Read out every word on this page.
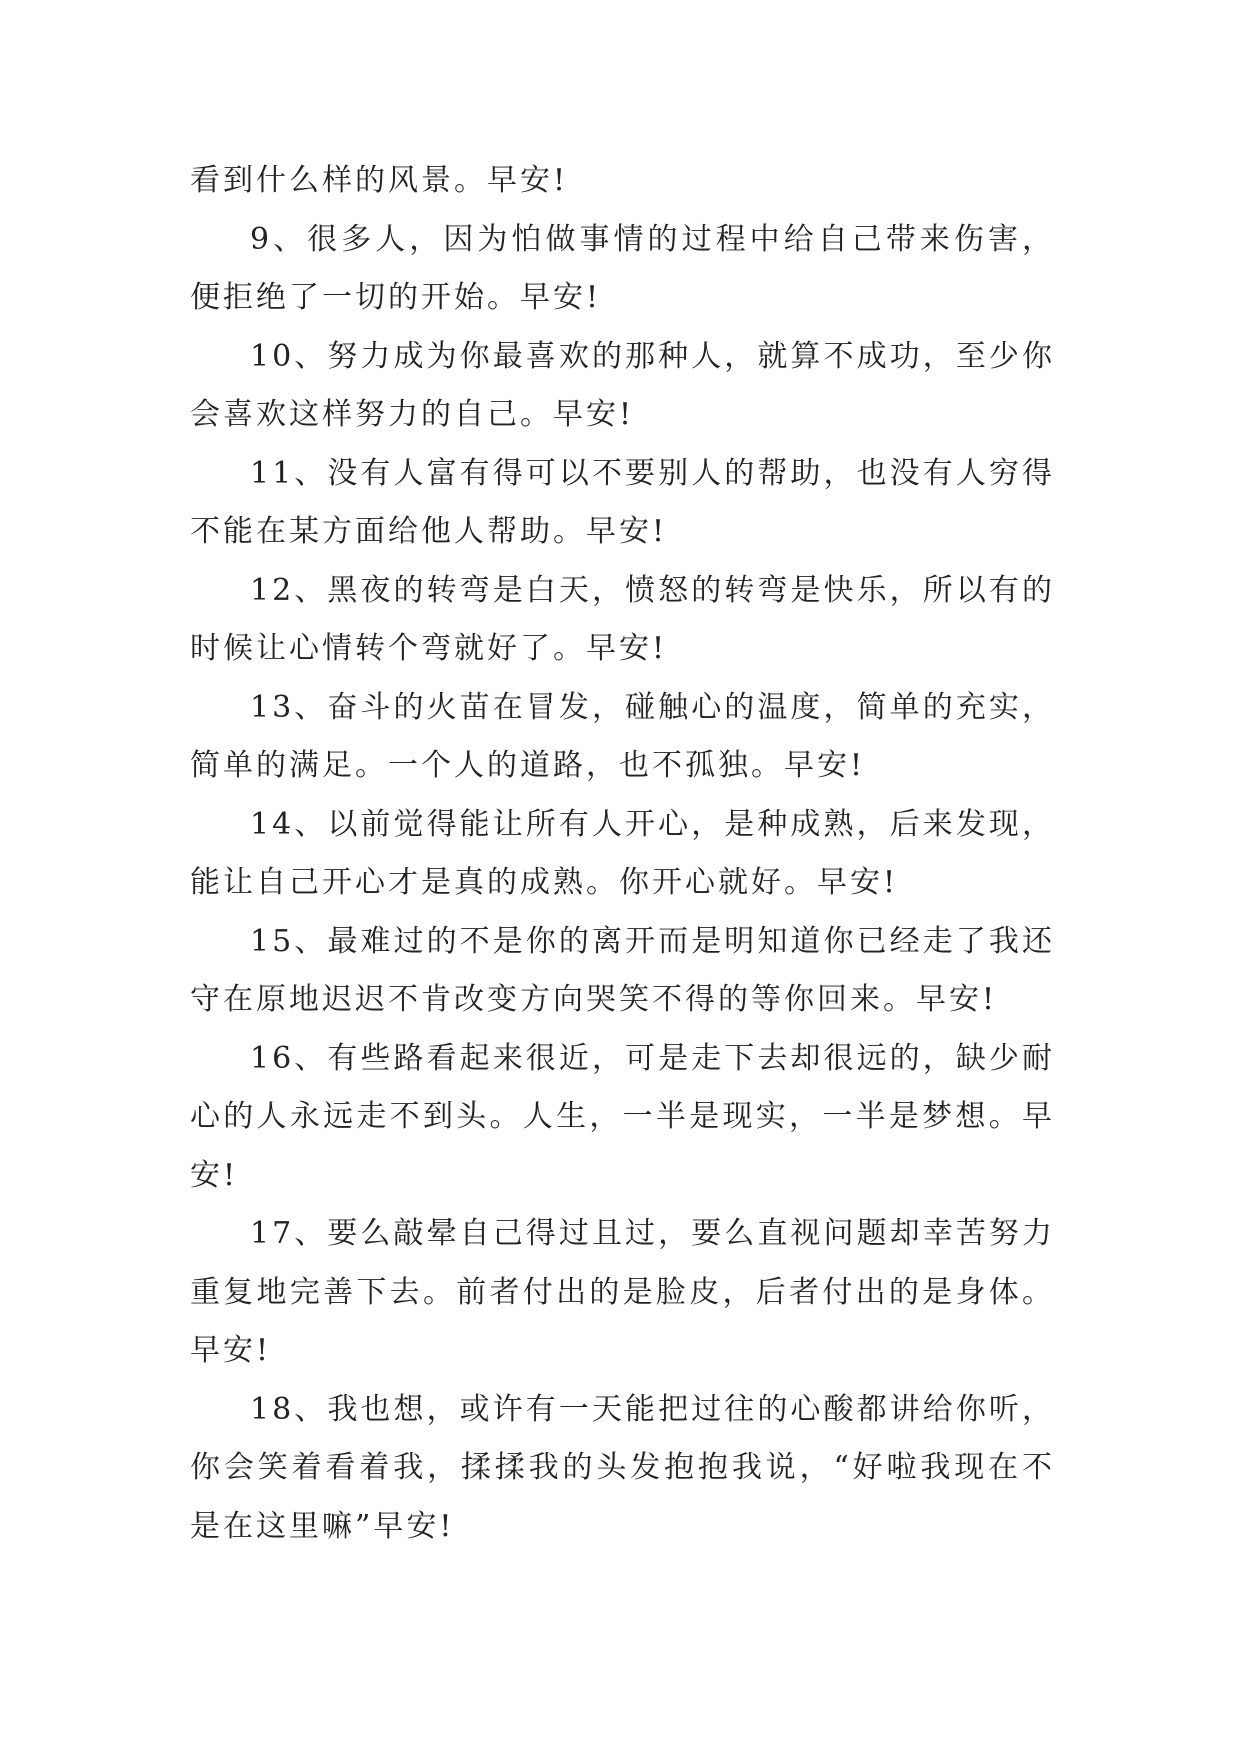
看到什么样的风景。早安!

9、很多人，因为怕做事情的过程中给自己带来伤害，便拒绝了一切的开始。早安!

10、努力成为你最喜欢的那种人，就算不成功，至少你会喜欢这样努力的自己。早安!

11、没有人富有得可以不要别人的帮助，也没有人穷得不能在某方面给他人帮助。早安!

12、黑夜的转弯是白天，愤怒的转弯是快乐，所以有的时候让心情转个弯就好了。早安!

13、奋斗的火苗在冒发，碰触心的温度，简单的充实，简单的满足。一个人的道路，也不孤独。早安!

14、以前觉得能让所有人开心，是种成熟，后来发现，能让自己开心才是真的成熟。你开心就好。早安!

15、最难过的不是你的离开而是明知道你已经走了我还守在原地迟迟不肯改变方向哭笑不得的等你回来。早安!

16、有些路看起来很近，可是走下去却很远的，缺少耐心的人永远走不到头。人生，一半是现实，一半是梦想。早安!

17、要么敲晕自己得过且过，要么直视问题却幸苦努力重复地完善下去。前者付出的是脸皮，后者付出的是身体。早安!

18、我也想，或许有一天能把过往的心酸都讲给你听，你会笑着看着我，揉揉我的头发抱抱我说，“好啦我现在不是在这里嘛”早安!
